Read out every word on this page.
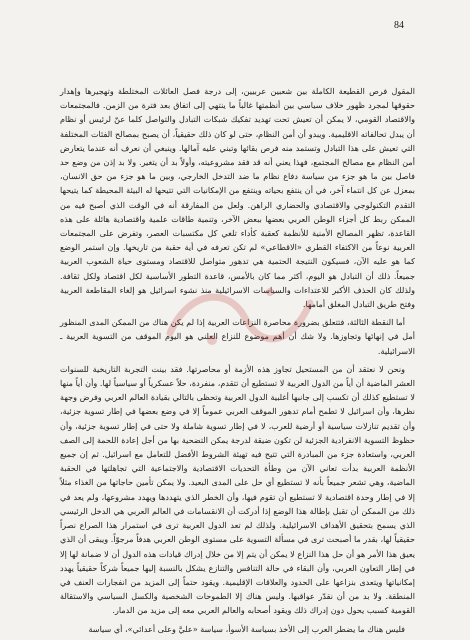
84

المقول فرص القطيعة الكاملة بين شعبين عربيين، إلى درجة فصل العائلات المختلطة وتهجيرها وإهدار حقوقها لمجرد ظهور خلاف سياسي بين أنظمتها غالباً ما ينتهي إلى اتفاق بعد فترة من الزمن. فالمجتمعات والاقتصاد القومي، لا يمكن أن تعيش تحت تهديد تفكيك شبكات التبادل والتواصل كلما عنّ لرئيس أو نظام أن يبدل تحالفاته الاقليمية. ويبدو أن أمن النظام، حتى لو كان ذلك حقيقياً، أن يصبح بمصالح الفئات المختلفة التي تعيش على هذا التبادل وتستمد منه فرص بقائها وتبني عليه آمالها. وينبغي أن نعرف أنه عندما يتعارض أمن النظام مع مصالح المجتمع، فهذا يعني أنه قد فقد مشروعيته، وأولاً بد أن يتغير. ولا بد إذن من وضع حد فاصل بين ما هو جزء من سياسة دفاع نظام ما ضد التدخل الخارجي، وبين ما هو جزء من حق الانسان، بمعزل عن كل انتماء آخر، في أن ينتفع بحياته وينتفع من الإمكانيات التي تتيحها له البيئة المحيطة كما يتيحها التقدم التكنولوجي والاقتصادي والحضاري الراهن. ولعل من المفارقة أنه في الوقت الذي أصبح فيه من الممكن ربط كل أجزاء الوطن العربي بعضها ببعض الآخر، وتنمية طاقات علمية واقتصادية هائلة على هذه القاعدة، تظهر المصالح الأمنية للأنظمة كعقبة كأداء تلغي كل مكتسبات العصر، وتفرض على المجتمعات العربية نوعاً من الاكتفاء القطري «الاقطاعي» لم تكن تعرفه في أية حقبة من تاريخها. وإن استمر الوضع كما هو عليه الآن، فسيكون النتيجة الحتمية هي تدهور متواصل للاقتصاد ومستوى حياة الشعوب العربية جميعاً. ذلك أن التبادل هو اليوم، أكثر مما كان بالأمس، قاعدة التطور الأساسية لكل اقتصاد ولكل ثقافة. ولذلك كان الحذف الأكبر للاعتداءات والسياسات الاسرائيلية منذ نشوء اسرائيل هو إلغاء المقاطعة العربية وفتح طريق التبادل المغلق أمامها.

أما النقطة الثالثة، فتتعلق بضرورة محاصرة النزاعات العربية إذا لم يكن هناك من الممكن المدى المنظور أمل في إنهائها وتجاوزها. ولا شك أن أهم موضوع للنزاع العلني هو اليوم الموقف من التسوية العربية ـ الاسرائيلية.

ونحن لا نعتقد أن من المستحيل تجاوز هذه الأزمة أو محاصرتها. فقد بينت التجربة التاريخية للسنوات العشر الماضية أن أياً من الدول العربية لا تستطيع أن تتقدم، منفردة، حلاً عسكرياً أو سياسياً لها. وأن أياً منها لا تستطيع كذلك أن تكسب إلى جانبها أغلبية الدول العربية وتحظى بالتالي بقيادة العالم العربي وفرض وجهة نظرها، وأن اسرائيل لا تطمح أمام تدهور الموقف العربي عموماً إلا في وضع بعضها في إطار تسوية جزئية، وأن تقديم تنازلات سياسية أو أرضية للعرب، لا في إطار تسوية شاملة ولا حتى في إطار تسوية جزئية، وأن حظوظ التسوية الانفرادية الجزئية لن تكون ضيقة لدرجة يمكن التضحية بها من أجل إعادة اللحمة إلى الصف العربي، واستعادة جزء من المبادرة التي تتيح فيه تهيئة الشروط الأفضل للتعامل مع اسرائيل. ثم إن جميع الأنظمة العربية بدأت تعاني الآن من وطأة التحديات الاقتصادية والاجتماعية التي تجاهلتها في الحقبة الماضية، وهي تشعر جميعاً بأنه لا تستطيع أي حل على المدى البعيد. ولا يمكن تأمين حاجاتها من الغذاء مثلاً إلا في إطار وحدة اقتصادية لا تستطيع أن تقوم فيها، وأن الخطر الذي يتهددها ويهدد مشروعها، ولم يعد في ذلك من الممكن أن تقبل بإطالة هذا الوضع إذا أدركت أن الانقسامات في العالم العربي هي الدخل الرئيسي الذي يسمح بتحقيق الأهداف الاسرائيلية. ولذلك لم تعد الدول العربية ترى في استمرار هذا الصراع نصراً حقيقياً لها، بقدر ما أصبحت ترى في مسألة التسوية على مستوى الوطن العربي هدفاً مرجوّاً. ويبقى أن الذي يعيق هذا الأمر هو أن حل هذا النزاع لا يمكن أن يتم إلا من خلال إدراك قيادات هذه الدول أن لا ضمانة لها إلا في إطار التعاون العربي، وأن البقاء في حالة التنافس والتنازع يشكل بالنسبة إليها جميعاً شركاً حقيقياً يهدد إمكانياتها ويتعدى بنزاعها على الحدود والعلاقات الإقليمية. ويقود حتماً إلى المزيد من انفجارات العنف في المنطقة. ولا بد من أن نقدّر عواقبها. وليس هناك إلا الطموحات الشخصية والكسل السياسي والاستقالة القومية كسبب يحول دون إدراك ذلك ويقود أصحابه والعالم العربي معه إلى مزيد من الدمار.

فليس هناك ما يضطر العرب إلى الأخذ بسياسة الأسوأ، سياسة «عليَّ وعلى أعدائي»، أي سياسة
